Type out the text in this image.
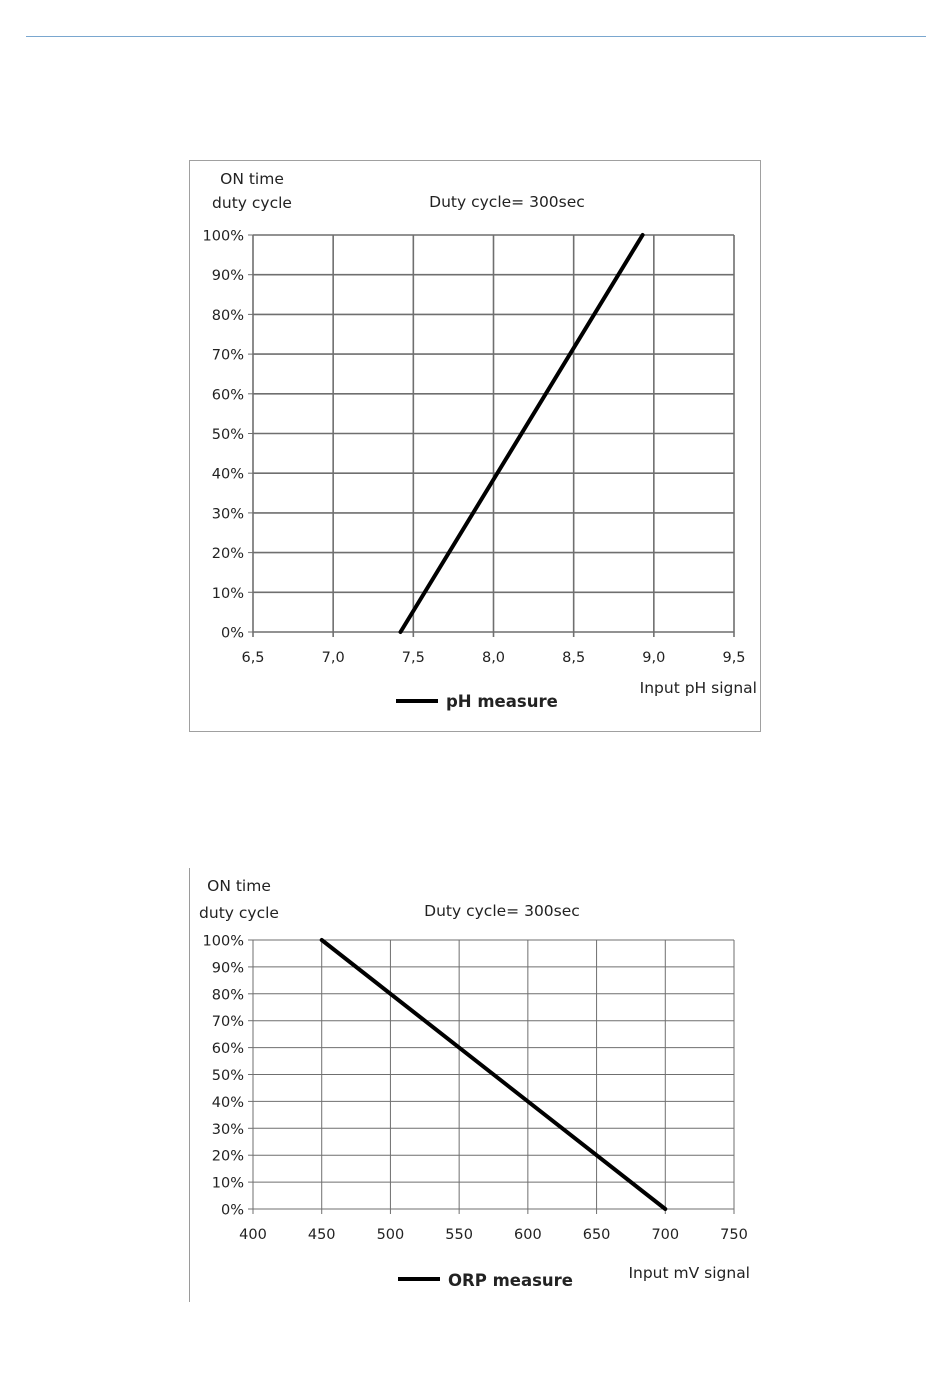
ON time
duty cycle	Duty cycle= 300sec
0%
10%
20%
30%
40%
50%
60%
70%
80%
90%
100%
6,5	7,0	7,5	8,0	8,5	9,0	9,5
Input pH signal
pH measure
ON time
duty cycle	Duty cycle= 300sec
0%
10%
20%
30%
40%
50%
60%
70%
80%
90%
100%
400	450	500	550	600	650	700	750
Input mV signal
ORP measure
